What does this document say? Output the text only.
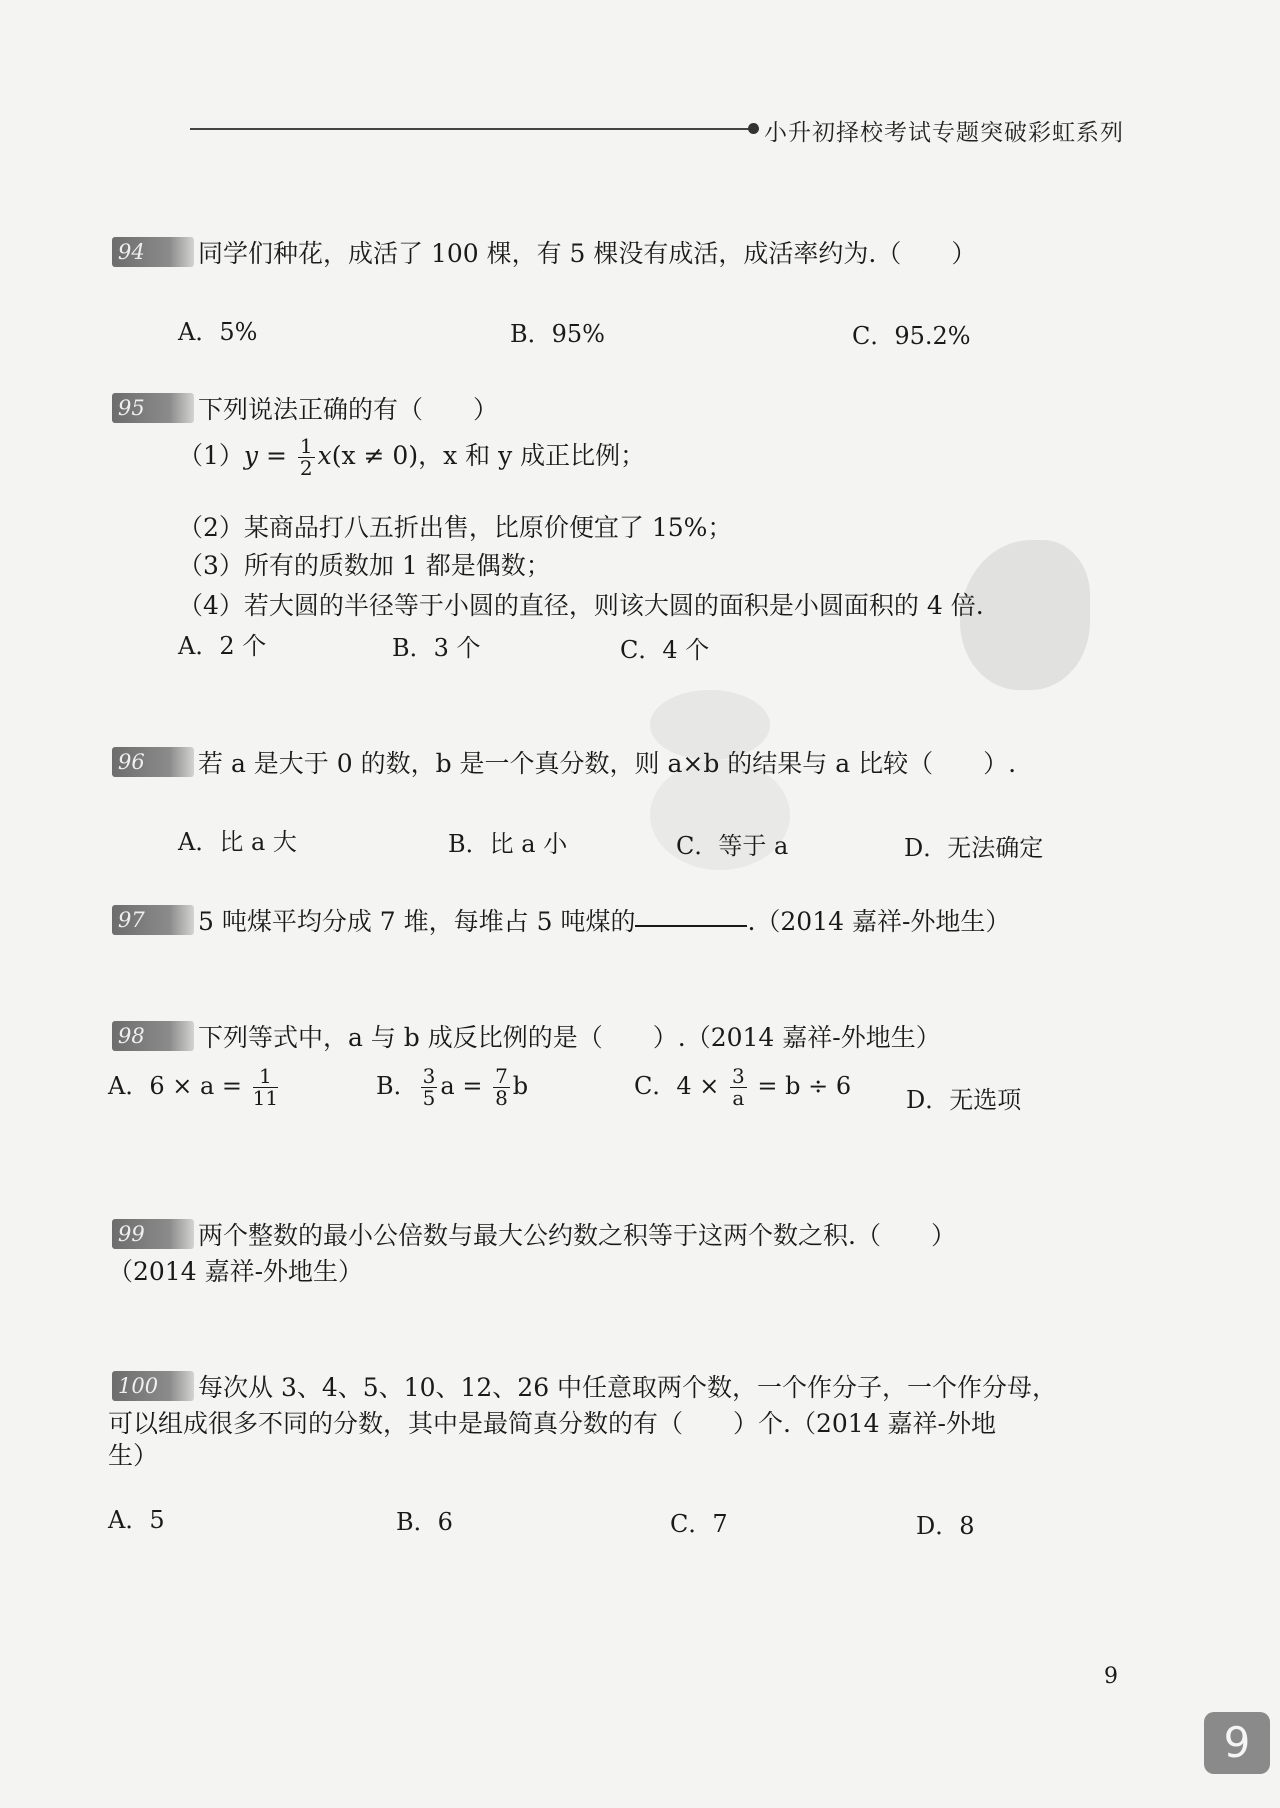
小升初择校考试专题突破彩虹系列
94 同学们种花，成活了 100 棵，有 5 棵没有成活，成活率约为.（　　）
A．5%	B．95%	C．95.2%
95 下列说法正确的有（　　）
$(1)y = \frac{1}{2} x(x \ne 0)$，x 和 y 成正比例；
（2）某商品打八五折出售，比原价便宜了 15%；
（3）所有的质数加 1 都是偶数；
（4）若大圆的半径等于小圆的直径，则该大圆的面积是小圆面积的 4 倍.
A．2 个	B．3 个	C．4 个
96 若 a 是大于 0 的数，b 是一个真分数，则 a×b 的结果与 a 比较（　　）.
A．比 a 大	B．比 a 小	C．等于 a	D．无法确定
97 5 吨煤平均分成 7 堆，每堆占 5 吨煤的	.（2014 嘉祥-外地生）
98 下列等式中，a 与 b 成反比例的是（　　）.（2014 嘉祥-外地生）
A．$6 \times a = \frac{1}{11}$	B． $\frac{3}{5}$ $a = \frac{7}{8}$ b	C．$4 \times \frac{3}{a} = b \div 6$ D．无选项
99 两个整数的最小公倍数与最大公约数之积等于这两个数之积.（　　）
（2014 嘉祥-外地生）
100 每次从 3、4、5、10、12、26 中任意取两个数，一个作分子，一个作分母，
可以组成很多不同的分数，其中是最简真分数的有（　　）个.（2014 嘉祥-外地
生）
A．5	B．6	C．7	D．8
9
9
